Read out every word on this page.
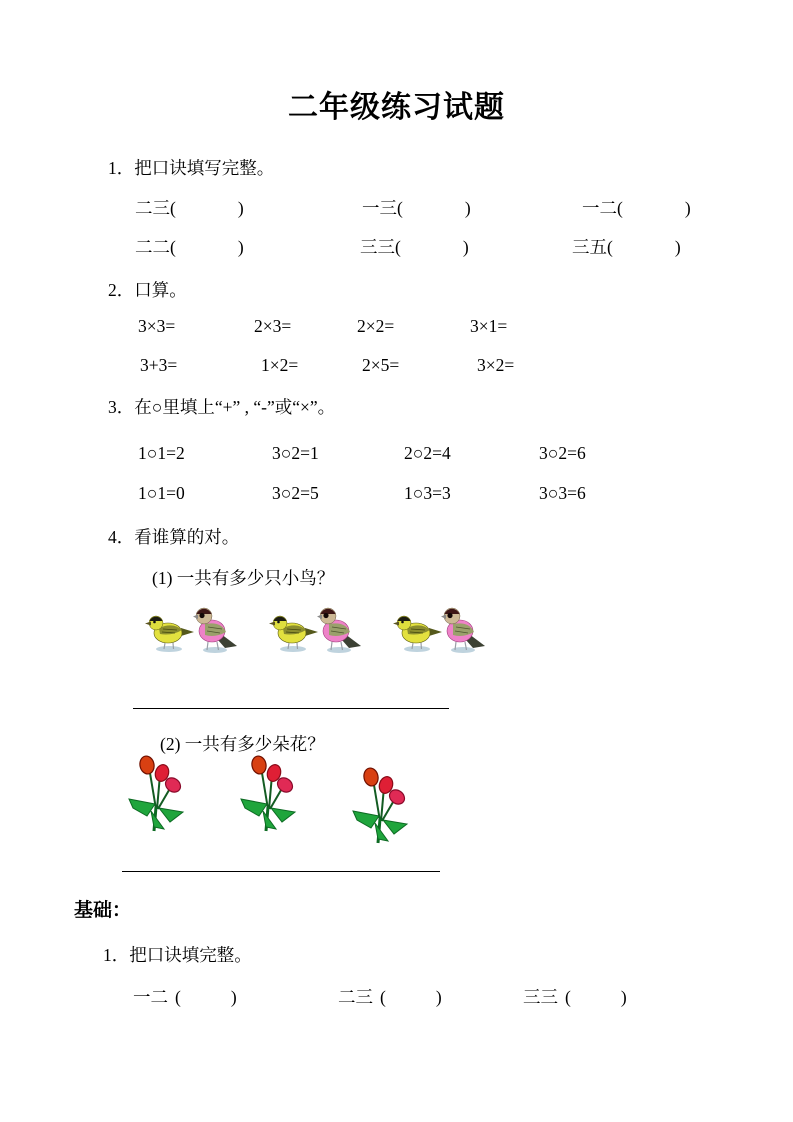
二年级练习试题
1．把口诀填写完整。
二三(	)	一三(	)	一二(	)
二二(	)	三三(	)	三五(	)
2．口算。
3×3=	2×3=	2×2=	3×1=
3+3=	1×2=	2×5=	3×2=
3．在○里填上“+” , “-”或“×”。
1○1=2	3○2=1	2○2=4	3○2=6
1○1=0	3○2=5	1○3=3	3○3=6
4．看谁算的对。
(1) 一共有多少只小鸟？
(2) 一共有多少朵花？
基础：
1．把口诀填完整。
一二 (	)	二三 (	)	三三 (	)
